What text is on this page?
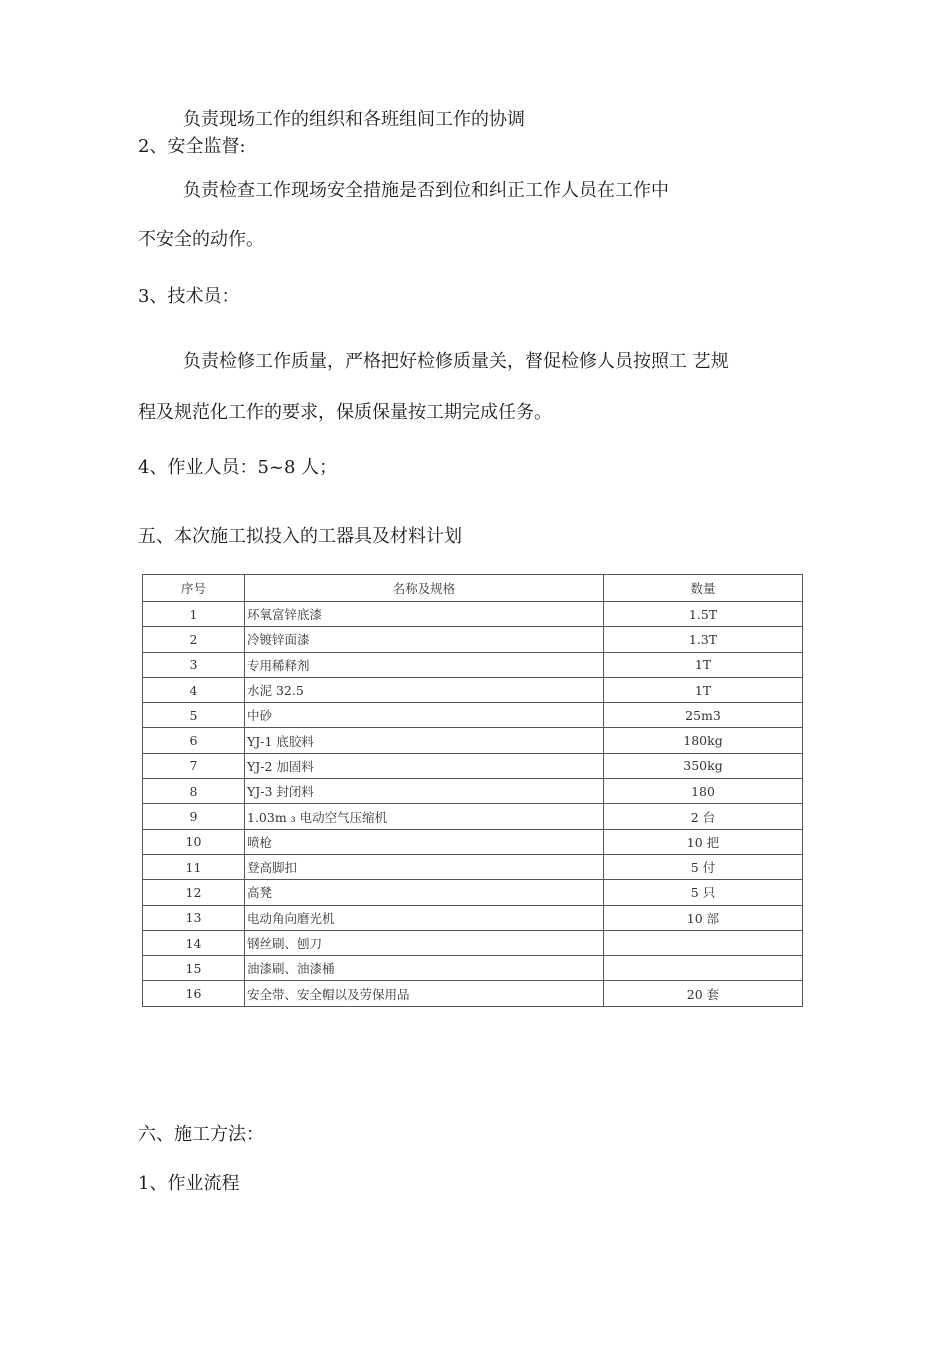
负责现场工作的组织和各班组间工作的协调
2、安全监督:
负责检查工作现场安全措施是否到位和纠正工作人员在工作中
不安全的动作。
3、技术员：
负责检修工作质量，严格把好检修质量关，督促检修人员按照工 艺规
程及规范化工作的要求，保质保量按工期完成任务。
4、作业人员：5~8 人；
五、本次施工拟投入的工器具及材料计划
序号	名称及规格	数量
1	环氧富锌底漆	1.5T
2	冷镀锌面漆	1.3T
3	专用稀释剂	1T
4	水泥 32.5	1T
5	中砂	25m3
6	YJ-1 底胶料	180kg
7	YJ-2 加固料	350kg
8	YJ-3 封闭料	180
9	1.03m ₃ 电动空气压缩机	2 台
10	喷枪	10 把
11	登高脚扣	5 付
12	高凳	5 只
13	电动角向磨光机	10 部
14	钢丝刷、刨刀	
15	油漆刷、油漆桶	
16	安全带、安全帽以及劳保用品	20 套
六、施工方法：
1、作业流程
